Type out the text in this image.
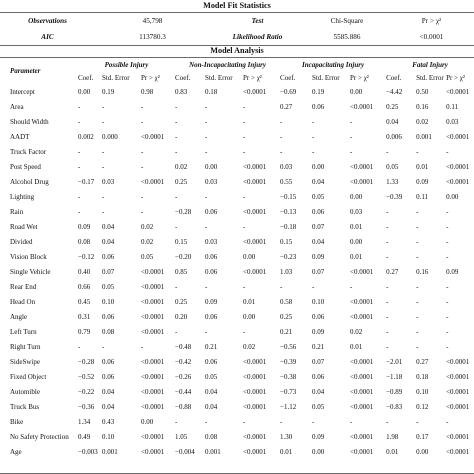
Model Fit Statistics
Observations	45,798	Test	Chi-Square	Pr > χ²
AIC	113780.3	Likelihood Ratio	5585.886	<0.0001
Model Analysis
Parameter	Possible Injury			Non-Incapacitating Injury			Incapacitating Injury			Fatal Injury		
	Coef.	Std. Error	Pr > χ²	Coef.	Std. Error	Pr > χ²	Coef.	Std. Error	Pr > χ²	Coef.	Std. Error	Pr > χ²
Intercept	0.00	0.19	0.98	0.83	0.18	<0.0001	−0.69	0.19	0.00	−4.42	0.50	<0.0001
Area	-	-	-	-	-	-	0.27	0.06	<0.0001	0.25	0.16	0.11
Should Width	-	-	-	-	-	-	-	-	-	0.04	0.02	0.03
AADT	0.002	0.000	<0.0001	-	-	-	-	-	-	0.006	0.001	<0.0001
Truck Factor	-	-	-	-	-	-	-	-	-	-	-	-
Post Speed	-	-	-	0.02	0.00	<0.0001	0.03	0.00	<0.0001	0.05	0.01	<0.0001
Alcohol Drug	−0.17	0.03	<0.0001	0.25	0.03	<0.0001	0.55	0.04	<0.0001	1.33	0.09	<0.0001
Lighting	-	-	-	-	-	-	−0.15	0.05	0.00	−0.39	0.11	0.00
Rain	-	-	-	−0.28	0.06	<0.0001	−0.13	0.06	0.03	-	-	-
Road Wet	0.09	0.04	0.02	-	-	-	−0.18	0.07	0.01	-	-	-
Divided	0.08	0.04	0.02	0.15	0.03	<0.0001	0.15	0.04	0.00	-	-	-
Vision Block	−0.12	0.06	0.05	−0.20	0.06	0.00	−0.23	0.09	0.01	-	-	-
Single Vehicle	0.40	0.07	<0.0001	0.85	0.06	<0.0001	1.03	0.07	<0.0001	0.27	0.16	0.09
Rear End	0.66	0.05	<0.0001	-	-	-	-	-	-	-	-	-
Head On	0.45	0.10	<0.0001	0.25	0.09	0.01	0.58	0.10	<0.0001	-	-	-
Angle	0.31	0.06	<0.0001	0.20	0.06	0.00	0.25	0.06	<0.0001	-	-	-
Left Turn	0.79	0.08	<0.0001	-	-	-	0.21	0.09	0.02	-	-	-
Right Turn	-	-	-	−0.48	0.21	0.02	−0.56	0.21	0.01	-	-	-
SideSwipe	−0.28	0.06	<0.0001	−0.42	0.06	<0.0001	−0.39	0.07	<0.0001	−2.01	0.27	<0.0001
Fixed Object	−0.52	0.06	<0.0001	−0.26	0.05	<0.0001	−0.38	0.06	<0.0001	−1.18	0.18	<0.0001
Automible	−0.22	0.04	<0.0001	−0.44	0.04	<0.0001	−0.73	0.04	<0.0001	−0.89	0.10	<0.0001
Truck Bus	−0.36	0.04	<0.0001	−0.88	0.04	<0.0001	−1.12	0.05	<0.0001	−0.83	0.12	<0.0001
Bike	1.34	0.43	0.00	-	-	-	-	-	-	-	-	-
No Safety Protection	0.49	0.10	<0.0001	1.05	0.08	<0.0001	1.30	0.09	<0.0001	1.98	0.17	<0.0001
Age	−0.003	0.001	<0.0001	−0.004	0.001	<0.0001	0.01	0.00	<0.0001	0.01	0.00	<0.0001
